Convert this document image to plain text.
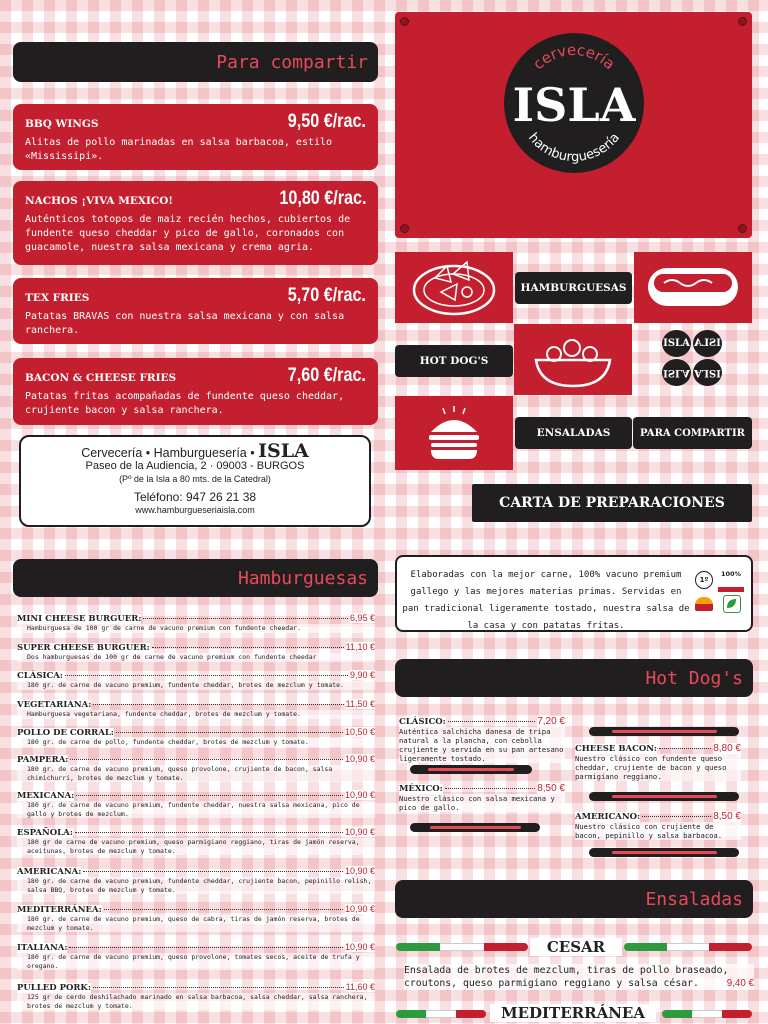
Para compartir
BBQ WINGS	9,50 €/rac.
Alitas de pollo marinadas en salsa barbacoa, estilo «Mississipi».
NACHOS ¡VIVA MEXICO!	10,80 €/rac.
Auténticos totopos de maiz recién hechos, cubiertos de fundente queso cheddar y pico de gallo, coronados con guacamole, nuestra salsa mexicana y crema agria.
TEX FRIES	5,70 €/rac.
Patatas BRAVAS con nuestra salsa mexicana y con salsa ranchera.
BACON & CHEESE FRIES	7,60 €/rac.
Patatas fritas acompañadas de fundente queso cheddar, crujiente bacon y salsa ranchera.
Cervecería • Hamburguesería • ISLA
Paseo de la Audiencia, 2 · 09003 - BURGOS
(Pº de la Isla a 80 mts. de la Catedral)
Teléfono: 947 26 21 38
www.hamburgueseriaisla.com
cervecería
hamburguesería
ISLA
HAMBURGUESAS
HOT DOG'S
ISLA ISLA
ISLA ISLA
ENSALADAS	PARA COMPARTIR
CARTA DE PREPARACIONES
Hamburguesas
MINI CHEESE BURGUER:	6,95 €
Hamburguesa de 100 gr de carne de vacuno premium con fundente cheedar.
SUPER CHEESE BURGUER:	11,10 €
Dos hamburguesas de 100 gr de carne de vacuno premium con fundente cheedar
CLÁSICA:	9,90 €
180 gr. de carne de vacuno premium, fundente cheddar, brotes de mezclum y tomate.
VEGETARIANA:	11,50 €
Hamburguesa vegetariana, fundente cheddar, brotes de mezclum y tomate.
POLLO DE CORRAL:	10,50 €
180 gr. de carne de pollo, fundente cheddar, brotes de mezclum y tomate.
PAMPERA:	10,90 €
180 gr. de carne de vacuno premium, queso provolone, crujiente de bacon, salsa chimichurri, brotes de mezclum y tomate.
MEXICANA:	10,90 €
180 gr. de carne de vacuno premium, fundente cheddar, nuestra salsa mexicana, pico de gallo y brotes de mezclum.
ESPAÑOLA:	10,90 €
180 gr de carne de vacuno premium, queso parmigiano reggiano, tiras de jamón reserva, aceitunas, brotes de mezclum y tomate.
AMERICANA:	10,90 €
180 gr. de carne de vacuno premium, fundente cheddar, crujiente bacon, pepinillo relish, salsa BBQ, brotes de mezclum y tomate.
MEDITERRÁNEA:	10,90 €
180 gr. de carne de vacuno premium, queso de cabra, tiras de jamón reserva, brotes de mezclum y tomate.
ITALIANA:	10,90 €
180 gr. de carne de vacuno premium, queso provolone, tomates secos, aceite de trufa y oregano.
PULLED PORK:	11,60 €
125 gr de cerdo deshilachado marinado en salsa barbacoa, salsa cheddar, salsa ranchera, brotes de mezclum y tomate.
Elaboradas con la mejor carne, 100% vacuno premium gallego y las mejores materias primas. Servidas en pan tradicional ligeramente tostado, nuestra salsa de la casa y con patatas fritas.
1º
100%
Hot Dog's
CLÁSICO:	7,20 €
Auténtica salchicha danesa de tripa natural a la plancha, con cebolla crujiente y servida en su pan artesano ligeramente tostado.
MÉXICO:	8,50 €
Nuestro clásico con salsa mexicana y pico de gallo.
CHEESE BACON:	8,80 €
Nuestro clásico con fundente queso cheddar, crujiente de bacon y queso parmigiano reggiano.
AMERICANO:	8,50 €
Nuestro clásico con crujiente de bacon, pepinillo y salsa barbacoa.
Ensaladas
CESAR
Ensalada de brotes de mezclum, tiras de pollo braseado, croutons, queso parmigiano reggiano y salsa césar.	9,40 €
MEDITERRÁNEA
